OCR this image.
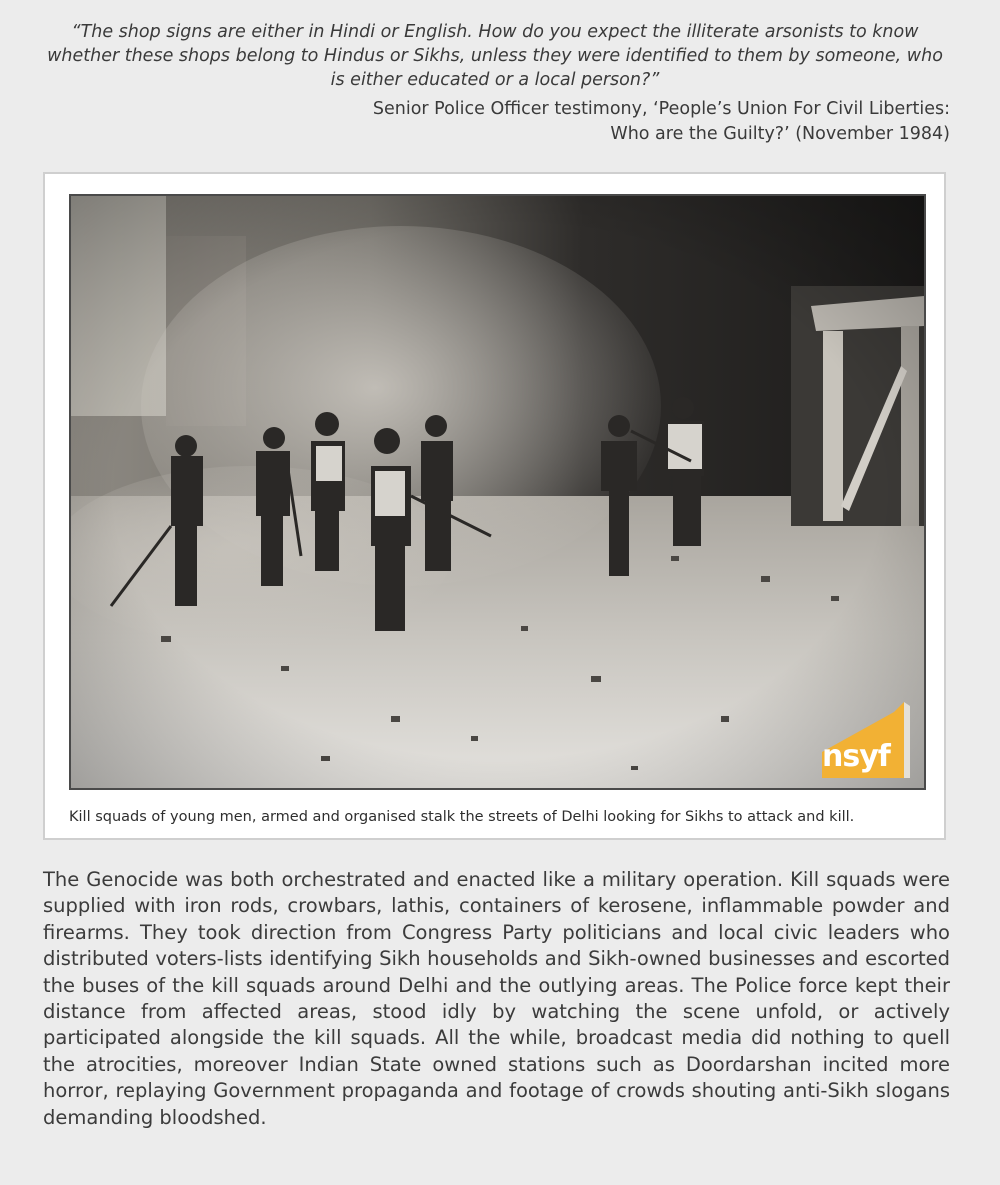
“The shop signs are either in Hindi or English. How do you expect the illiterate arsonists to know whether these shops belong to Hindus or Sikhs, unless they were identified to them by someone, who is either educated or a local person?”
Senior Police Officer testimony, ‘People’s Union For Civil Liberties:
Who are the Guilty?’ (November 1984)
nsyf
Kill squads of young men, armed and organised stalk the streets of Delhi looking for Sikhs to attack and kill.
The Genocide was both orchestrated and enacted like a military operation. Kill squads were supplied with iron rods, crowbars, lathis, containers of kerosene, inflammable powder and firearms. They took direction from Congress Party politicians and local civic leaders who distributed voters-lists identifying Sikh households and Sikh-owned businesses and escorted the buses of the kill squads around Delhi and the outlying areas. The Police force kept their distance from affected areas, stood idly by watching the scene unfold, or actively participated alongside the kill squads. All the while, broadcast media did nothing to quell the atrocities, moreover Indian State owned stations such as Doordarshan incited more horror, replaying Government propaganda and footage of crowds shouting anti-Sikh slogans demanding bloodshed.
